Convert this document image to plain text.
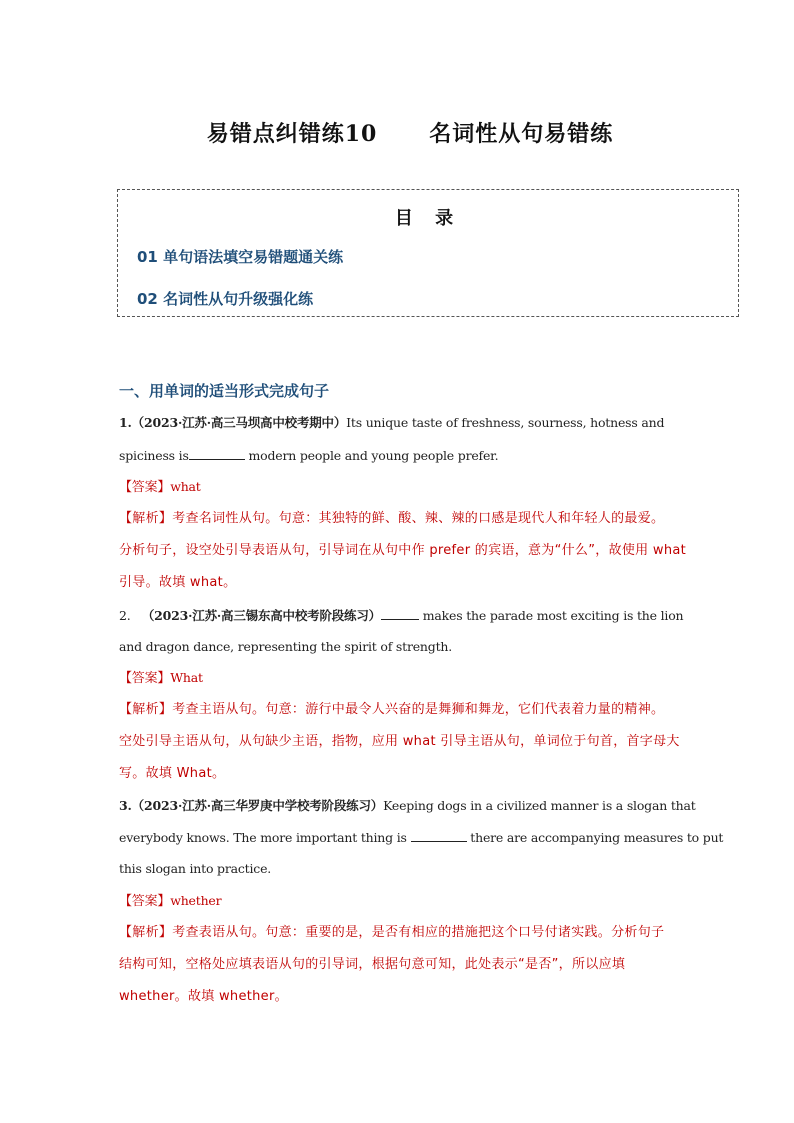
易错点纠错练10      名词性从句易错练
目 录
01 单句语法填空易错题通关练
02 名词性从句升级强化练
一、用单词的适当形式完成句子
1.（2023·江苏·高三马坝高中校考期中）Its unique taste of freshness, sourness, hotness and
spiciness is	modern people and young people prefer.
【答案】what
【解析】考查名词性从句。句意：其独特的鲜、酸、辣、辣的口感是现代人和年轻人的最爱。
分析句子，设空处引导表语从句，引导词在从句中作 prefer 的宾语，意为“什么”，故使用 what
引导。故填 what。
2. （2023·江苏·高三锡东高中校考阶段练习）	makes the parade most exciting is the lion
and dragon dance, representing the spirit of strength.
【答案】What
【解析】考查主语从句。句意：游行中最令人兴奋的是舞狮和舞龙，它们代表着力量的精神。
空处引导主语从句，从句缺少主语，指物，应用 what 引导主语从句，单词位于句首，首字母大
写。故填 What。
3.（2023·江苏·高三华罗庚中学校考阶段练习）Keeping dogs in a civilized manner is a slogan that
everybody knows. The more important thing is	there are accompanying measures to put
this slogan into practice.
【答案】whether
【解析】考查表语从句。句意：重要的是，是否有相应的措施把这个口号付诸实践。分析句子
结构可知，空格处应填表语从句的引导词，根据句意可知，此处表示“是否”，所以应填
whether。故填 whether。
